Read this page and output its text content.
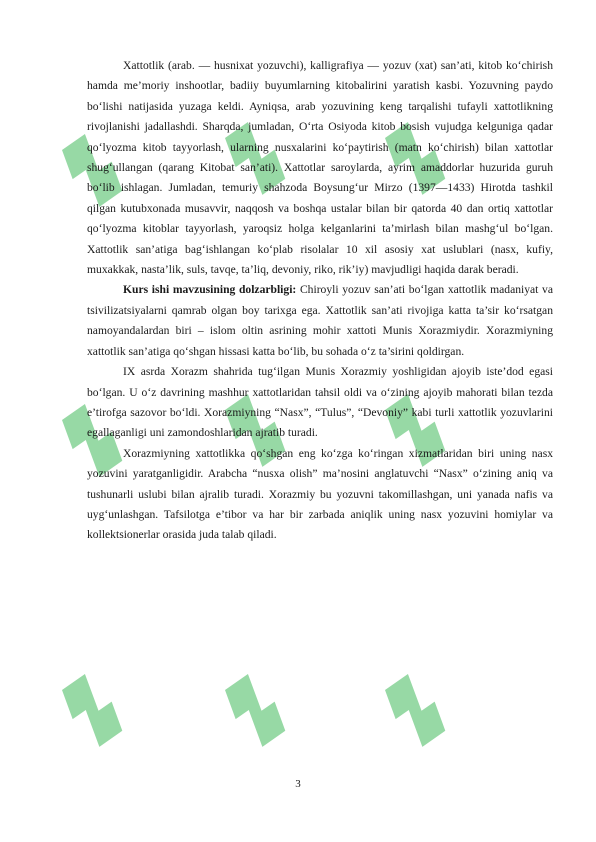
Xattotlik (arab. — husnixat yozuvchi), kalligrafiya — yozuv (xat) san’ati, kitob ko‘chirish hamda me’moriy inshootlar, badiiy buyumlarning kitobalirini yaratish kasbi. Yozuvning paydo bo‘lishi natijasida yuzaga keldi. Ayniqsa, arab yozuvining keng tarqalishi tufayli xattotlikning rivojlanishi jadallashdi. Sharqda, jumladan, O‘rta Osiyoda kitob bosish vujudga kelguniga qadar qo‘lyozma kitob tayyorlash, ularning nusxalarini ko‘paytirish (matn ko‘chirish) bilan xattotlar shug‘ullangan (qarang Kitobat san’ati). Xattotlar saroylarda, ayrim amaddorlar huzurida guruh bo‘lib ishlagan. Jumladan, temuriy shahzoda Boysung‘ur Mirzo (1397—1433) Hirotda tashkil qilgan kutubxonada musavvir, naqqosh va boshqa ustalar bilan bir qatorda 40 dan ortiq xattotlar qo‘lyozma kitoblar tayyorlash, yaroqsiz holga kelganlarini ta’mirlash bilan mashg‘ul bo‘lgan. Xattotlik san’atiga bag‘ishlangan ko‘plab risolalar 10 xil asosiy xat uslublari (nasx, kufiy, muxakkak, nasta’lik, suls, tavqe, ta’liq, devoniy, riko, rik’iy) mavjudligi haqida darak beradi.

Kurs ishi mavzusining dolzarbligi: Chiroyli yozuv san’ati bo‘lgan xattotlik madaniyat va tsivilizatsiyalarni qamrab olgan boy tarixga ega. Xattotlik san’ati rivojiga katta ta’sir ko‘rsatgan namoyandalardan biri – islom oltin asrining mohir xattoti Munis Xorazmiydir. Xorazmiyning xattotlik san’atiga qo‘shgan hissasi katta bo‘lib, bu sohada o‘z ta’sirini qoldirgan.

IX asrda Xorazm shahrida tug‘ilgan Munis Xorazmiy yoshligidan ajoyib iste’dod egasi bo‘lgan. U o‘z davrining mashhur xattotlaridan tahsil oldi va o‘zining ajoyib mahorati bilan tezda e’tirofga sazovor bo‘ldi. Xorazmiyning “Nasx”, “Tulus”, “Devoniy” kabi turli xattotlik yozuvlarini egallaganligi uni zamondoshlaridan ajratib turadi.

Xorazmiyning xattotlikka qo‘shgan eng ko‘zga ko‘ringan xizmatlaridan biri uning nasx yozuvini yaratganligidir. Arabcha “nusxa olish” ma’nosini anglatuvchi “Nasx” o‘zining aniq va tushunarli uslubi bilan ajralib turadi. Xorazmiy bu yozuvni takomillashgan, uni yanada nafis va uyg‘unlashgan. Tafsilotga e’tibor va har bir zarbada aniqlik uning nasx yozuvini homiylar va kollektsionerlar orasida juda talab qiladi.

3
